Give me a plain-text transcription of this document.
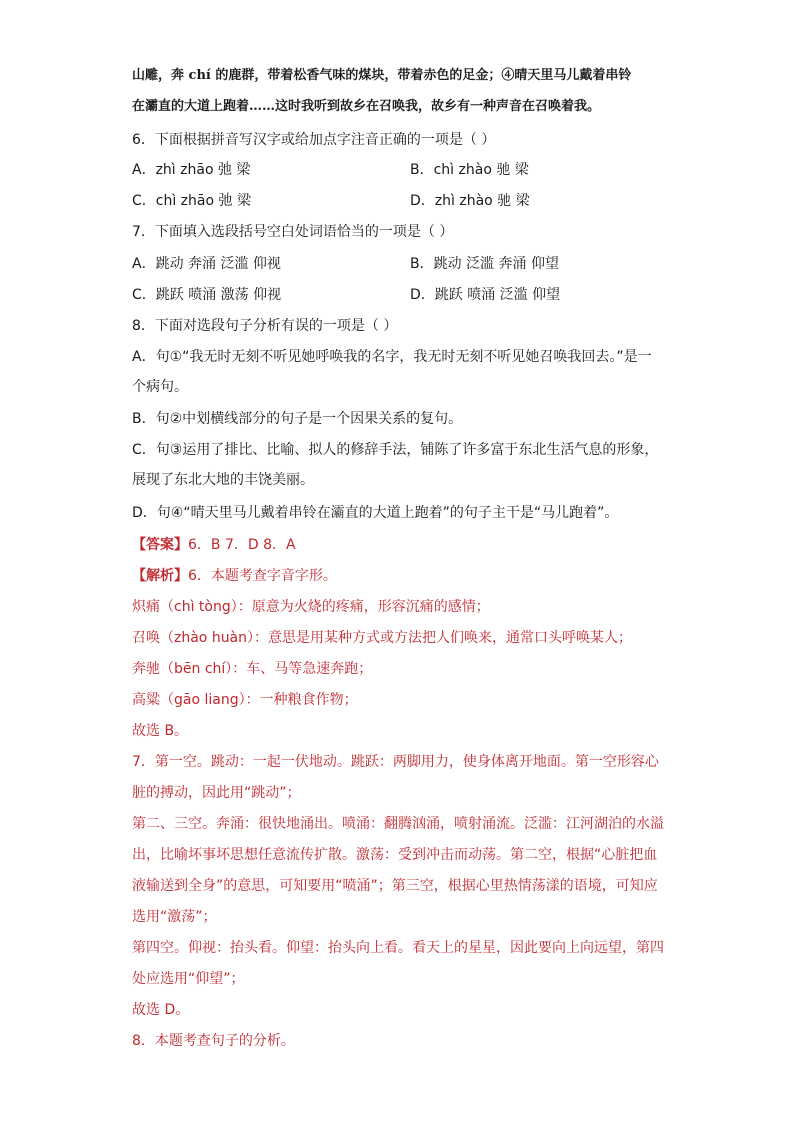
山雕，奔 chí 的鹿群，带着松香气味的煤块，带着赤色的足金；④晴天里马儿戴着串铃
在灞直的大道上跑着……这时我听到故乡在召唤我，故乡有一种声音在召唤着我。
6．下面根据拼音写汉字或给加点字注音正确的一项是（ ）
A．zhì zhāo 弛 梁	B．chì zhào 驰 梁
C．chì zhāo 弛 梁	D．zhì zhào 驰 梁
7．下面填入选段括号空白处词语恰当的一项是（ ）
A．跳动 奔涌 泛滥 仰视	B．跳动 泛滥 奔涌 仰望
C．跳跃 喷涌 激荡 仰视	D．跳跃 喷涌 泛滥 仰望
8．下面对选段句子分析有误的一项是（ ）
A．句①“我无时无刻不听见她呼唤我的名字，我无时无刻不听见她召唤我回去。”是一
个病句。
B．句②中划横线部分的句子是一个因果关系的复句。
C．句③运用了排比、比喻、拟人的修辞手法，铺陈了许多富于东北生活气息的形象，
展现了东北大地的丰饶美丽。
D．句④“晴天里马儿戴着串铃在灞直的大道上跑着”的句子主干是“马儿跑着”。
【答案】6．B 7．D 8．A
【解析】6．本题考查字音字形。
炽痛（chì tòng）：原意为火烧的疼痛，形容沉痛的感情；
召唤（zhào huàn）：意思是用某种方式或方法把人们唤来，通常口头呼唤某人；
奔驰（bēn chí）：车、马等急速奔跑；
高粱（gāo liang）：一种粮食作物；
故选 B。
7．第一空。跳动：一起一伏地动。跳跃：两脚用力，使身体离开地面。第一空形容心
脏的搏动，因此用“跳动”；
第二、三空。奔涌：很快地涌出。喷涌：翻腾汹涌，喷射涌流。泛滥：江河湖泊的水溢
出，比喻坏事坏思想任意流传扩散。激荡：受到冲击而动荡。第二空，根据“心脏把血
液输送到全身”的意思，可知要用“喷涌”；第三空，根据心里热情荡漾的语境，可知应
选用“激荡”；
第四空。仰视：抬头看。仰望：抬头向上看。看天上的星星，因此要向上向远望，第四
处应选用“仰望”；
故选 D。
8．本题考查句子的分析。
